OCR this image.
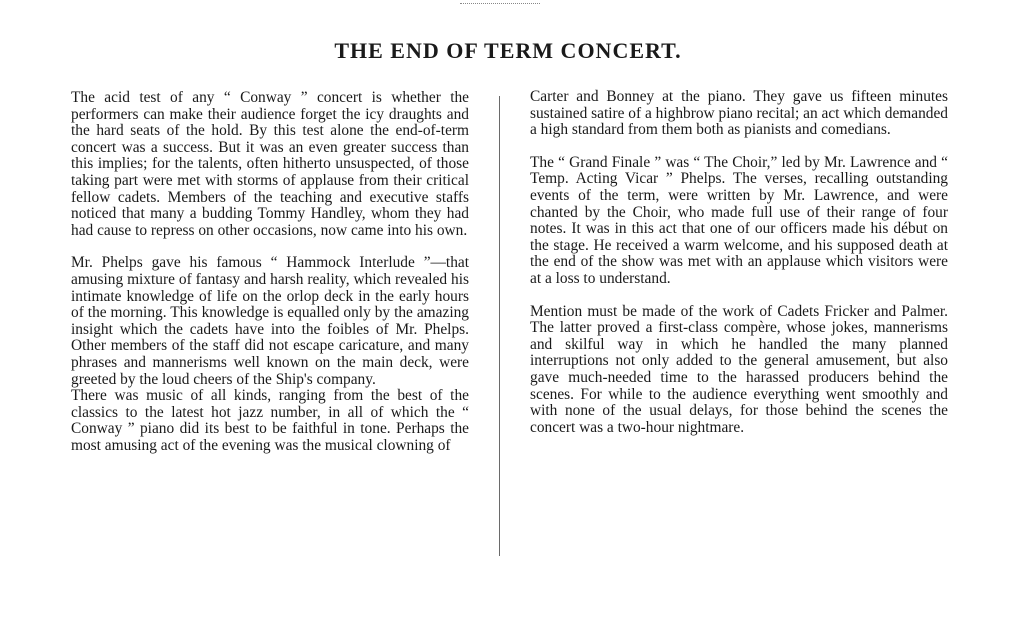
THE END OF TERM CONCERT.

The acid test of any “ Conway ” concert is whether the performers can make their audience forget the icy draughts and the hard seats of the hold. By this test alone the end-of-term concert was a success. But it was an even greater success than this implies; for the talents, often hitherto unsuspected, of those taking part were met with storms of applause from their critical fellow cadets. Members of the teaching and executive staffs noticed that many a budding Tommy Handley, whom they had had cause to repress on other occasions, now came into his own.

Mr. Phelps gave his famous “ Hammock Interlude ”—that amusing mixture of fantasy and harsh reality, which revealed his intimate knowledge of life on the orlop deck in the early hours of the morning. This knowledge is equalled only by the amazing insight which the cadets have into the foibles of Mr. Phelps. Other members of the staff did not escape caricature, and many phrases and mannerisms well known on the main deck, were greeted by the loud cheers of the Ship's company.

There was music of all kinds, ranging from the best of the classics to the latest hot jazz number, in all of which the “ Conway ” piano did its best to be faithful in tone. Perhaps the most amusing act of the evening was the musical clowning of

Carter and Bonney at the piano. They gave us fifteen minutes sustained satire of a highbrow piano recital; an act which demanded a high standard from them both as pianists and comedians.

The “ Grand Finale ” was “ The Choir,” led by Mr. Lawrence and “ Temp. Acting Vicar ” Phelps. The verses, recalling outstanding events of the term, were written by Mr. Lawrence, and were chanted by the Choir, who made full use of their range of four notes. It was in this act that one of our officers made his début on the stage. He received a warm welcome, and his supposed death at the end of the show was met with an applause which visitors were at a loss to understand.

Mention must be made of the work of Cadets Fricker and Palmer. The latter proved a first-class compère, whose jokes, mannerisms and skilful way in which he handled the many planned interruptions not only added to the general amusement, but also gave much-needed time to the harassed producers behind the scenes. For while to the audience everything went smoothly and with none of the usual delays, for those behind the scenes the concert was a two-hour nightmare.
